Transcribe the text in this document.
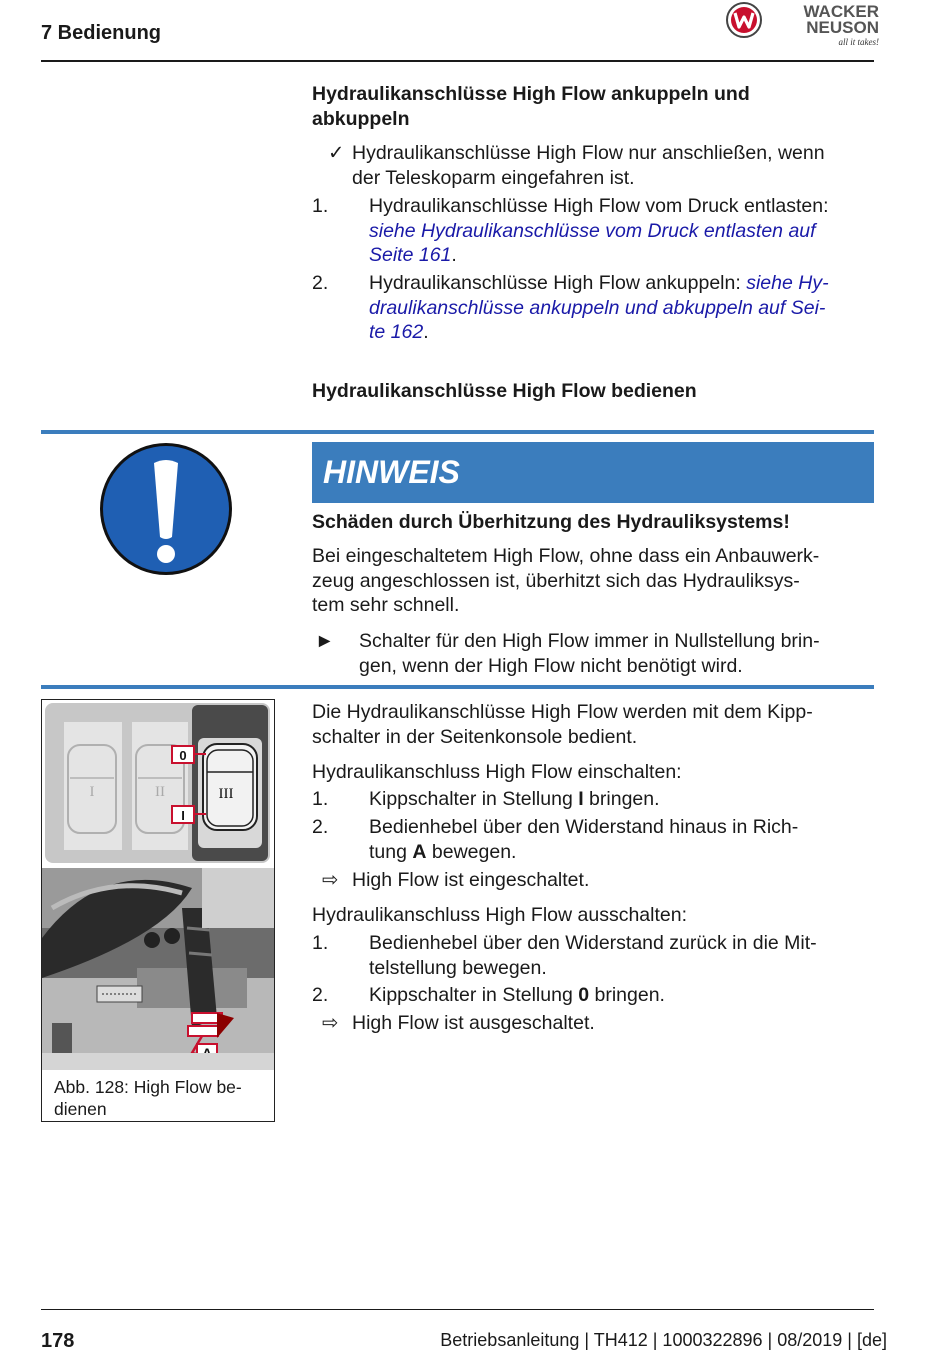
7 Bedienung
WACKER
NEUSON
all it takes!
Hydraulikanschlüsse High Flow ankuppeln und
abkuppeln
✓ Hydraulikanschlüsse High Flow nur anschließen, wenn
der Teleskoparm eingefahren ist.
1. Hydraulikanschlüsse High Flow vom Druck entlasten:
siehe Hydraulikanschlüsse vom Druck entlasten auf
Seite 161.
2. Hydraulikanschlüsse High Flow ankuppeln: siehe Hy-
draulikanschlüsse ankuppeln und abkuppeln auf Sei-
te 162.
Hydraulikanschlüsse High Flow bedienen
HINWEIS
Schäden durch Überhitzung des Hydrauliksystems!
Bei eingeschaltetem High Flow, ohne dass ein Anbauwerk-
zeug angeschlossen ist, überhitzt sich das Hydrauliksys-
tem sehr schnell.
► Schalter für den High Flow immer in Nullstellung brin-
gen, wenn der High Flow nicht benötigt wird.
I	II	III
0
I
Abb. 128: High Flow be-
dienen
Die Hydraulikanschlüsse High Flow werden mit dem Kipp-
schalter in der Seitenkonsole bedient.
Hydraulikanschluss High Flow einschalten:
1. Kippschalter in Stellung I bringen.
2. Bedienhebel über den Widerstand hinaus in Rich-
tung A bewegen.
⇨ High Flow ist eingeschaltet.
Hydraulikanschluss High Flow ausschalten:
1. Bedienhebel über den Widerstand zurück in die Mit-
telstellung bewegen.
2. Kippschalter in Stellung 0 bringen.
⇨ High Flow ist ausgeschaltet.
178	Betriebsanleitung | TH412 | 1000322896 | 08/2019 | [de]
